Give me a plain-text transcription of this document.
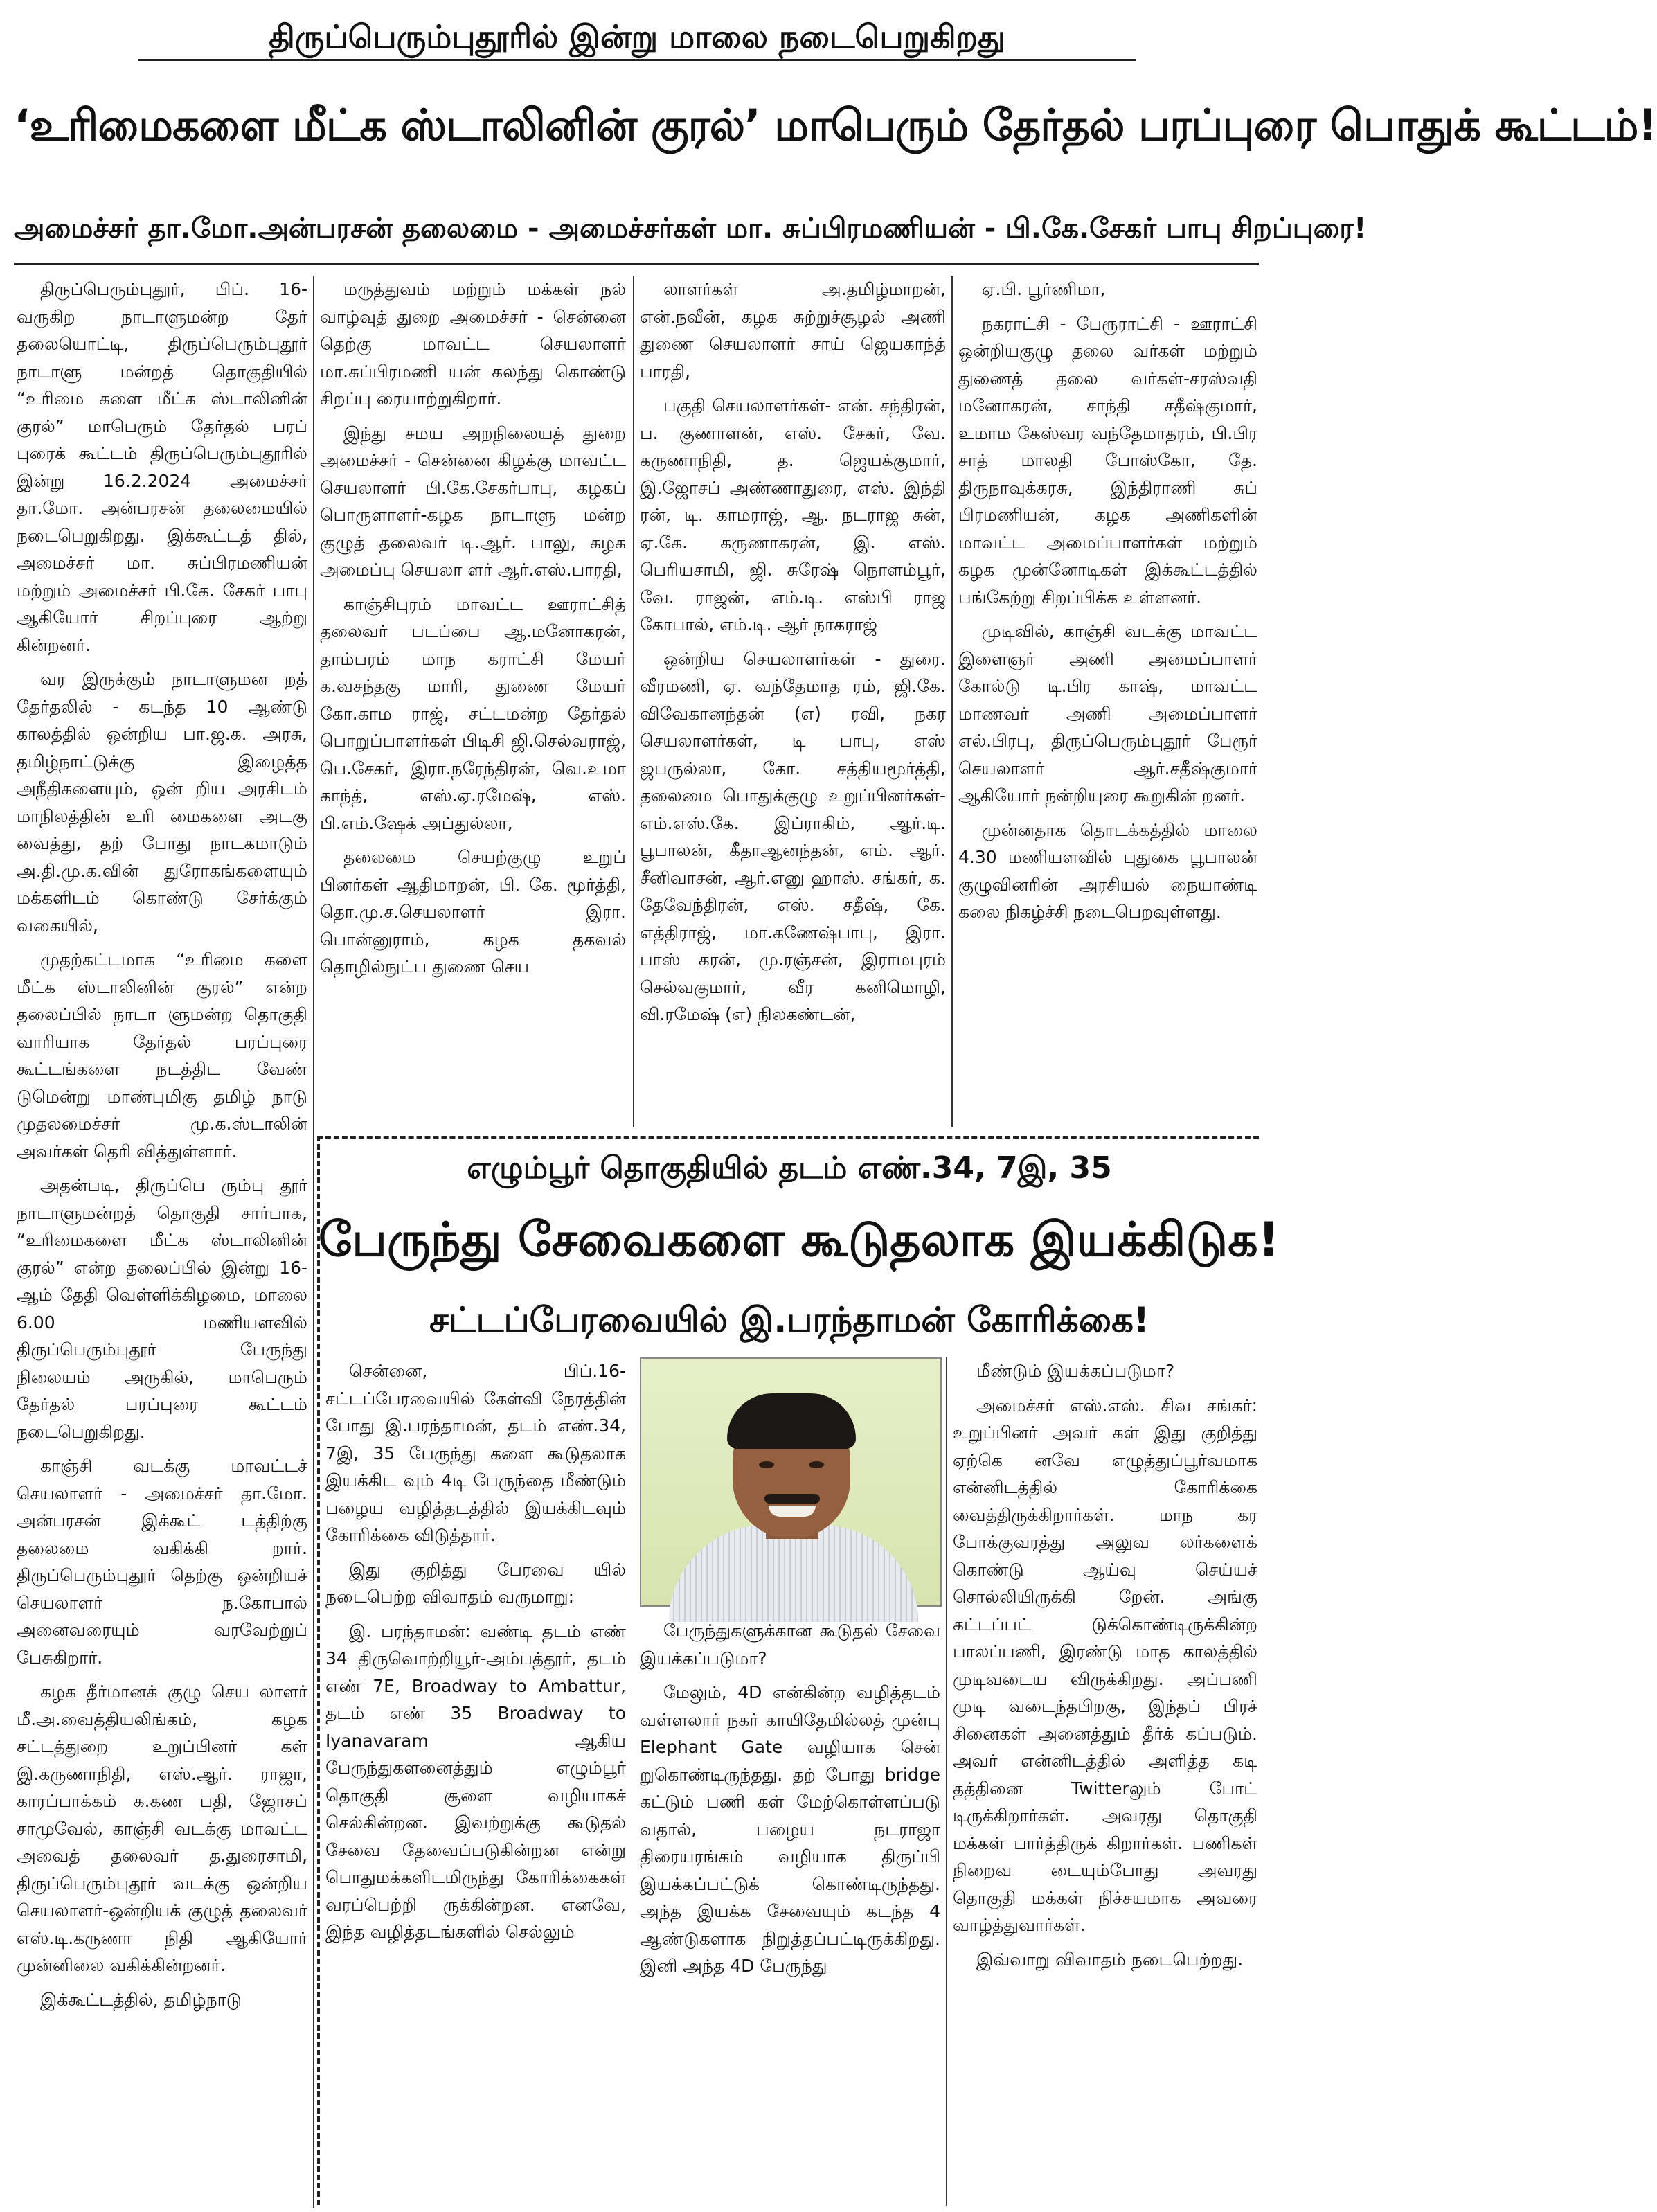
திருப்பெரும்புதூரில் இன்று மாலை நடைபெறுகிறது
‘உரிமைகளை மீட்க ஸ்டாலினின் குரல்’ மாபெரும் தேர்தல் பரப்புரை பொதுக் கூட்டம்!
அமைச்சர் தா.மோ.அன்பரசன் தலைமை - அமைச்சர்கள் மா. சுப்பிரமணியன் - பி.கே.சேகர் பாபு சிறப்புரை!

திருப்பெரும்புதூர், பிப். 16- வருகிற நாடாளுமன்ற தேர் தலையொட்டி, திருப்பெரும்புதூர் நாடாளு மன்றத் தொகுதியில் “உரிமை களை மீட்க ஸ்டாலினின் குரல்” மாபெரும் தேர்தல் பரப் புரைக் கூட்டம் திருப்பெரும்புதூரில் இன்று 16.2.2024 அமைச்சர் தா.மோ. அன்பரசன் தலைமையில் நடைபெறுகிறது. இக்கூட்டத் தில், அமைச்சர் மா. சுப்பிரமணியன் மற்றும் அமைச்சர் பி.கே. சேகர் பாபு ஆகியோர் சிறப்புரை ஆற்று கின்றனர்.

வர இருக்கும் நாடாளுமன றத் தேர்தலில் - கடந்த 10 ஆண்டு காலத்தில் ஒன்றிய பா.ஜ.க. அரசு, தமிழ்நாட்டுக்கு இழைத்த அநீதிகளையும், ஒன் றிய அரசிடம் மாநிலத்தின் உரி மைகளை அடகு வைத்து, தற் போது நாடகமாடும் அ.தி.மு.க.வின் துரோகங்களையும் மக்களிடம் கொண்டு சேர்க்கும் வகையில்,

முதற்கட்டமாக “உரிமை களை மீட்க ஸ்டாலினின் குரல்” என்ற தலைப்பில் நாடா ளுமன்ற தொகுதி வாரியாக தேர்தல் பரப்புரை கூட்டங்களை நடத்திட வேண் டுமென்று மாண்புமிகு தமிழ் நாடு முதலமைச்சர் மு.க.ஸ்டாலின் அவர்கள் தெரி வித்துள்ளார்.

அதன்படி, திருப்பெ ரும்பு தூர் நாடாளுமன்றத் தொகுதி சார்பாக, “உரிமைகளை மீட்க ஸ்டாலினின் குரல்” என்ற தலைப்பில் இன்று 16-ஆம் தேதி வெள்ளிக்கிழமை, மாலை 6.00 மணியளவில் திருப்பெரும்புதூர் பேருந்து நிலையம் அருகில், மாபெரும் தேர்தல் பரப்புரை கூட்டம் நடைபெறுகிறது.

காஞ்சி வடக்கு மாவட்டச் செயலாளர் - அமைச்சர் தா.மோ. அன்பரசன் இக்கூட் டத்திற்கு தலைமை வகிக்கி றார். திருப்பெரும்புதூர் தெற்கு ஒன்றியச் செயலாளர் ந.கோபால் அனைவரையும் வரவேற்றுப் பேசுகிறார்.

கழக தீர்மானக் குழு செய லாளர் மீ.அ.வைத்தியலிங்கம், கழக சட்டத்துறை உறுப்பினர் கள் இ.கருணாநிதி, எஸ்.ஆர். ராஜா, காரப்பாக்கம் க.கண பதி, ஜோசப் சாமுவேல், காஞ்சி வடக்கு மாவட்ட அவைத் தலைவர் த.துரைசாமி, திருப்பெரும்புதூர் வடக்கு ஒன்றிய செயலாளர்-ஒன்றியக் குழுத் தலைவர் எஸ்.டி.கருணா நிதி ஆகியோர் முன்னிலை வகிக்கின்றனர்.

இக்கூட்டத்தில், தமிழ்நாடு

மருத்துவம் மற்றும் மக்கள் நல் வாழ்வுத் துறை அமைச்சர் - சென்னை தெற்கு மாவட்ட செயலாளர் மா.சுப்பிரமணி யன் கலந்து கொண்டு சிறப்பு ரையாற்றுகிறார்.

இந்து சமய அறநிலையத் துறை அமைச்சர் - சென்னை கிழக்கு மாவட்ட செயலாளர் பி.கே.சேகர்பாபு, கழகப் பொருளாளர்-கழக நாடாளு மன்ற குழுத் தலைவர் டி.ஆர். பாலு, கழக அமைப்பு செயலா ளர் ஆர்.எஸ்.பாரதி,

காஞ்சிபுரம் மாவட்ட ஊராட்சித் தலைவர் படப்பை ஆ.மனோகரன், தாம்பரம் மாந கராட்சி மேயர் க.வசந்தகு மாரி, துணை மேயர் கோ.காம ராஜ், சட்டமன்ற தேர்தல் பொறுப்பாளர்கள் பிடிசி ஜி.செல்வராஜ், பெ.சேகர், இரா.நரேந்திரன், வெ.உமா காந்த், எஸ்.ஏ.ரமேஷ், எஸ். பி.எம்.ஷேக் அப்துல்லா,

தலைமை செயற்குழு உறுப் பினர்கள் ஆதிமாறன், பி. கே. மூர்த்தி, தொ.மு.ச.செயலாளர் இரா. பொன்னுராம், கழக தகவல் தொழில்நுட்ப துணை செய

லாளர்கள் அ.தமிழ்மாறன், என்.நவீன், கழக சுற்றுச்சூழல் அணி துணை செயலாளர் சாய் ஜெயகாந்த் பாரதி,

பகுதி செயலாளர்கள்- என். சந்திரன், ப. குணாளன், எஸ். சேகர், வே. கருணாநிதி, த. ஜெயக்குமார், இ.ஜோசப் அண்ணாதுரை, எஸ். இந்தி ரன், டி. காமராஜ், ஆ. நடராஜ சுன், ஏ.கே. கருணாகரன், இ. எஸ். பெரியசாமி, ஜி. சுரேஷ் நொளம்பூர், வே. ராஜன், எம்.டி. எஸ்பி ராஜ கோபால், எம்.டி. ஆர் நாகராஜ்

ஒன்றிய செயலாளர்கள் - துரை. வீரமணி, ஏ. வந்தேமாத ரம், ஜி.கே. விவேகானந்தன் (எ) ரவி, நகர செயலாளர்கள், டி பாபு, எஸ் ஜபருல்லா, கோ. சத்தியமூர்த்தி, தலைமை பொதுக்குழு உறுப்பினர்கள்- எம்.எஸ்.கே. இப்ராகிம், ஆர்.டி. பூபாலன், கீதாஆனந்தன், எம். ஆர். சீனிவாசன், ஆர்.எனு ஹாஸ். சங்கர், க. தேவேந்திரன், எஸ். சதீஷ், கே. எத்திராஜ், மா.கணேஷ்பாபு, இரா. பாஸ் கரன், மு.ரஞ்சன், இராமபுரம் செல்வகுமார், வீர கனிமொழி, வி.ரமேஷ் (எ) நிலகண்டன்,

ஏ.பி. பூர்ணிமா,

நகராட்சி - பேரூராட்சி - ஊராட்சி ஒன்றியகுழு தலை வர்கள் மற்றும் துணைத் தலை வர்கள்-சரஸ்வதி மனோகரன், சாந்தி சதீஷ்குமார், உமாம கேஸ்வர வந்தேமாதரம், பி.பிர சாத் மாலதி போஸ்கோ, தே. திருநாவுக்கரசு, இந்திராணி சுப் பிரமணியன், கழக அணிகளின் மாவட்ட அமைப்பாளர்கள் மற்றும் கழக முன்னோடிகள் இக்கூட்டத்தில் பங்கேற்று சிறப்பிக்க உள்ளனர்.

முடிவில், காஞ்சி வடக்கு மாவட்ட இளைஞர் அணி அமைப்பாளர் கோல்டு டி.பிர காஷ், மாவட்ட மாணவர் அணி அமைப்பாளர் எல்.பிரபு, திருப்பெரும்புதூர் பேரூர் செயலாளர் ஆர்.சதீஷ்குமார் ஆகியோர் நன்றியுரை கூறுகின் றனர்.

முன்னதாக தொடக்கத்தில் மாலை 4.30 மணியளவில் புதுகை பூபாலன் குழுவினரின் அரசியல் நையாண்டி கலை நிகழ்ச்சி நடைபெறவுள்ளது.

எழும்பூர் தொகுதியில் தடம் எண்.34, 7இ, 35
பேருந்து சேவைகளை கூடுதலாக இயக்கிடுக!
சட்டப்பேரவையில் இ.பரந்தாமன் கோரிக்கை!

சென்னை, பிப்.16- சட்டப்பேரவையில் கேள்வி நேரத்தின் போது இ.பரந்தாமன், தடம் எண்.34, 7இ, 35 பேருந்து களை கூடுதலாக இயக்கிட வும் 4டி பேருந்தை மீண்டும் பழைய வழித்தடத்தில் இயக்கிடவும் கோரிக்கை விடுத்தார்.

இது குறித்து பேரவை யில் நடைபெற்ற விவாதம் வருமாறு:

இ. பரந்தாமன்: வண்டி தடம் எண் 34 திருவொற்றியூர்-அம்பத்தூர், தடம் எண் 7E, Broadway to Ambattur, தடம் எண் 35 Broadway to Iyanavaram ஆகிய பேருந்துகளனைத்தும் எழும்பூர் தொகுதி சூளை வழியாகச் செல்கின்றன. இவற்றுக்கு கூடுதல் சேவை தேவைப்படுகின்றன என்று பொதுமக்களிடமிருந்து கோரிக்கைகள் வரப்பெற்றி ருக்கின்றன. எனவே, இந்த வழித்தடங்களில் செல்லும்

பேருந்துகளுக்கான கூடுதல் சேவை இயக்கப்படுமா?

மேலும், 4D என்கின்ற வழித்தடம் வள்ளலார் நகர் காயிதேமில்லத் முன்பு Elephant Gate வழியாக சென் றுகொண்டிருந்தது. தற் போது bridge கட்டும் பணி கள் மேற்கொள்ளப்படு வதால், பழைய நடராஜா திரையரங்கம் வழியாக திருப்பி இயக்கப்பட்டுக் கொண்டிருந்தது. அந்த இயக்க சேவையும் கடந்த 4 ஆண்டுகளாக நிறுத்தப்பட்டிருக்கிறது. இனி அந்த 4D பேருந்து

மீண்டும் இயக்கப்படுமா?

அமைச்சர் எஸ்.எஸ். சிவ சங்கர்: உறுப்பினர் அவர் கள் இது குறித்து ஏற்கெ னவே எழுத்துப்பூர்வமாக என்னிடத்தில் கோரிக்கை வைத்திருக்கிறார்கள். மாந கர போக்குவரத்து அலுவ லர்களைக் கொண்டு ஆய்வு செய்யச் சொல்லியிருக்கி றேன். அங்கு கட்டப்பட் டுக்கொண்டிருக்கின்ற பாலப்பணி, இரண்டு மாத காலத்தில் முடிவடைய விருக்கிறது. அப்பணி முடி வடைந்தபிறகு, இந்தப் பிரச் சினைகள் அனைத்தும் தீர்க் கப்படும். அவர் என்னிடத்தில் அளித்த கடி தத்தினை Twitterலும் போட் டிருக்கிறார்கள். அவரது தொகுதி மக்கள் பார்த்திருக் கிறார்கள். பணிகள் நிறைவ டையும்போது அவரது தொகுதி மக்கள் நிச்சயமாக அவரை வாழ்த்துவார்கள்.

இவ்வாறு விவாதம் நடைபெற்றது.
